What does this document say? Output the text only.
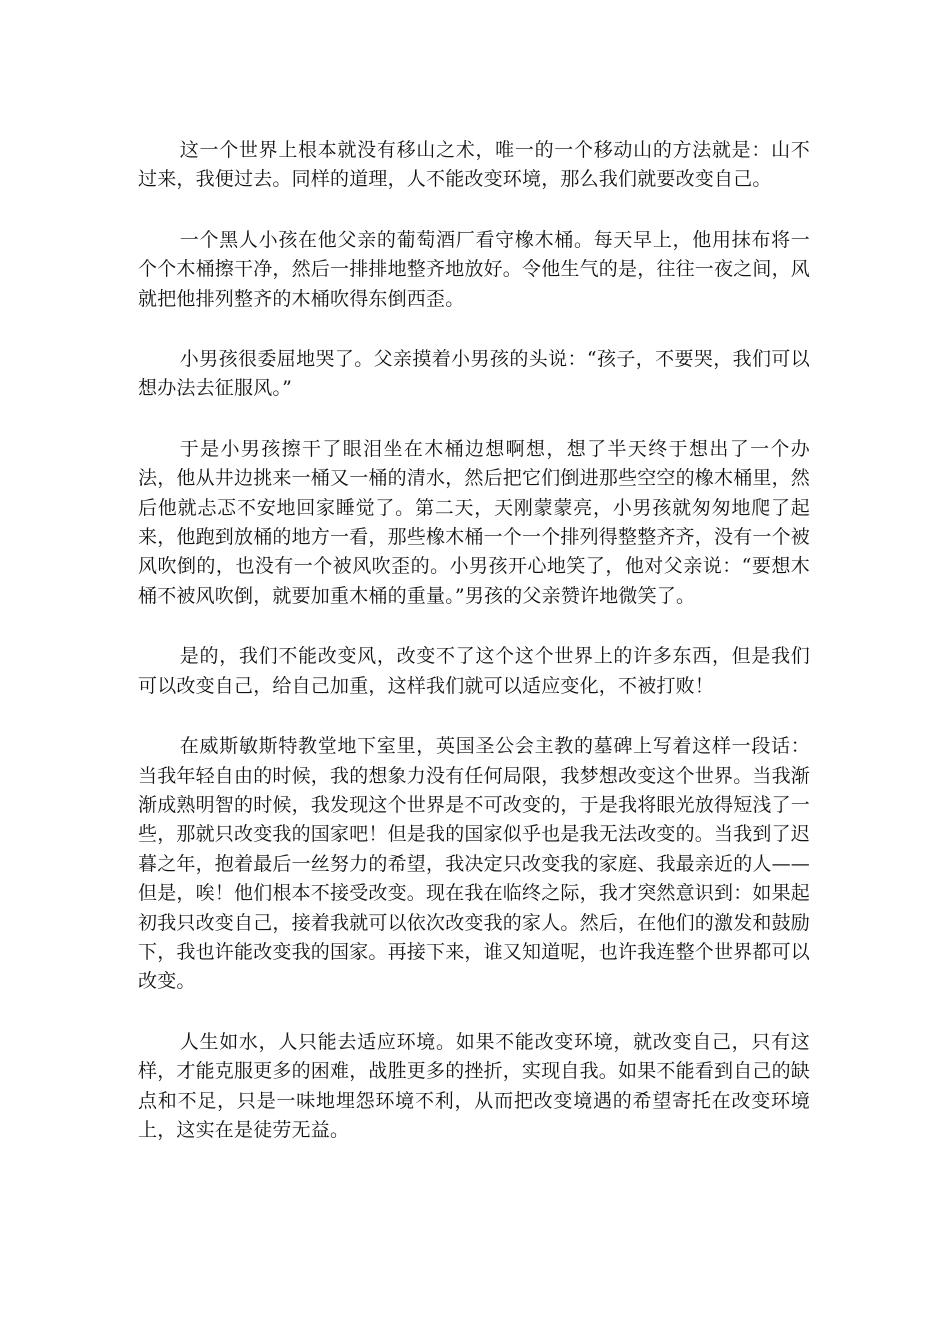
这一个世界上根本就没有移山之术，唯一的一个移动山的方法就是：山不过来，我便过去。同样的道理，人不能改变环境，那么我们就要改变自己。

一个黑人小孩在他父亲的葡萄酒厂看守橡木桶。每天早上，他用抹布将一个个木桶擦干净，然后一排排地整齐地放好。令他生气的是，往往一夜之间，风就把他排列整齐的木桶吹得东倒西歪。

小男孩很委屈地哭了。父亲摸着小男孩的头说：“孩子，不要哭，我们可以想办法去征服风。”

于是小男孩擦干了眼泪坐在木桶边想啊想，想了半天终于想出了一个办法，他从井边挑来一桶又一桶的清水，然后把它们倒进那些空空的橡木桶里，然后他就忐忑不安地回家睡觉了。第二天，天刚蒙蒙亮，小男孩就匆匆地爬了起来，他跑到放桶的地方一看，那些橡木桶一个一个排列得整整齐齐，没有一个被风吹倒的，也没有一个被风吹歪的。小男孩开心地笑了，他对父亲说：“要想木桶不被风吹倒，就要加重木桶的重量。”男孩的父亲赞许地微笑了。

是的，我们不能改变风，改变不了这个这个世界上的许多东西，但是我们可以改变自己，给自己加重，这样我们就可以适应变化，不被打败！

在威斯敏斯特教堂地下室里，英国圣公会主教的墓碑上写着这样一段话：当我年轻自由的时候，我的想象力没有任何局限，我梦想改变这个世界。当我渐渐成熟明智的时候，我发现这个世界是不可改变的，于是我将眼光放得短浅了一些，那就只改变我的国家吧！但是我的国家似乎也是我无法改变的。当我到了迟暮之年，抱着最后一丝努力的希望，我决定只改变我的家庭、我最亲近的人——但是，唉！他们根本不接受改变。现在我在临终之际，我才突然意识到：如果起初我只改变自己，接着我就可以依次改变我的家人。然后，在他们的激发和鼓励下，我也许能改变我的国家。再接下来，谁又知道呢，也许我连整个世界都可以改变。

人生如水，人只能去适应环境。如果不能改变环境，就改变自己，只有这样，才能克服更多的困难，战胜更多的挫折，实现自我。如果不能看到自己的缺点和不足，只是一味地埋怨环境不利，从而把改变境遇的希望寄托在改变环境上，这实在是徒劳无益。
